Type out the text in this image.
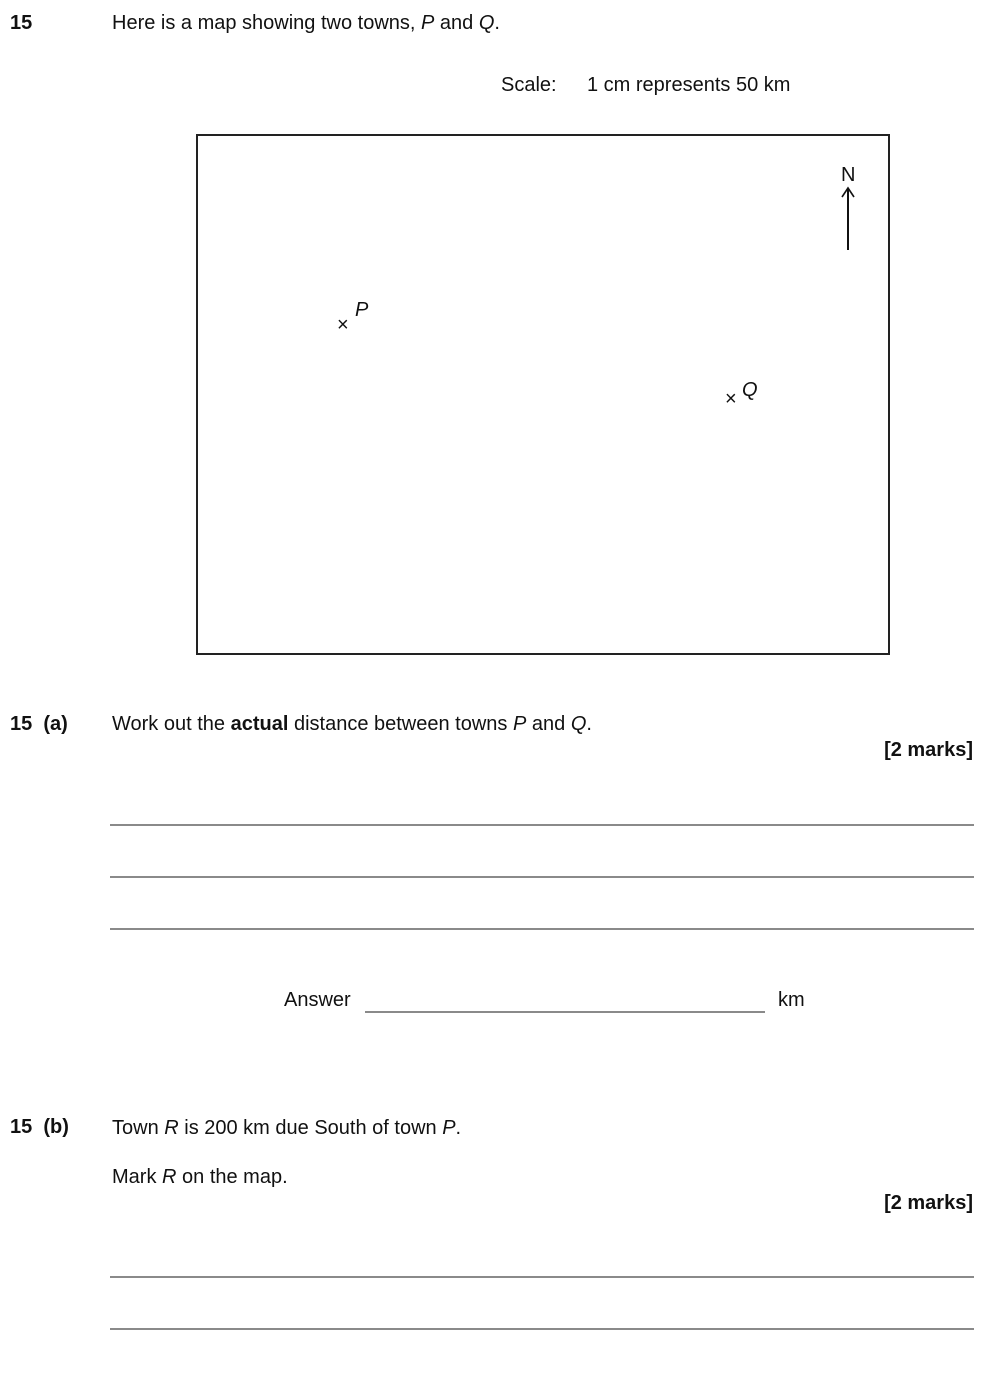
15	Here is a map showing two towns, P and Q.
Scale: 1 cm represents 50 km
N
×
P
× Q
15 (a) Work out the actual distance between towns P and Q.
[2 marks]
Answer	km
15 (b) Town R is 200 km due South of town P.
Mark R on the map.
[2 marks]
